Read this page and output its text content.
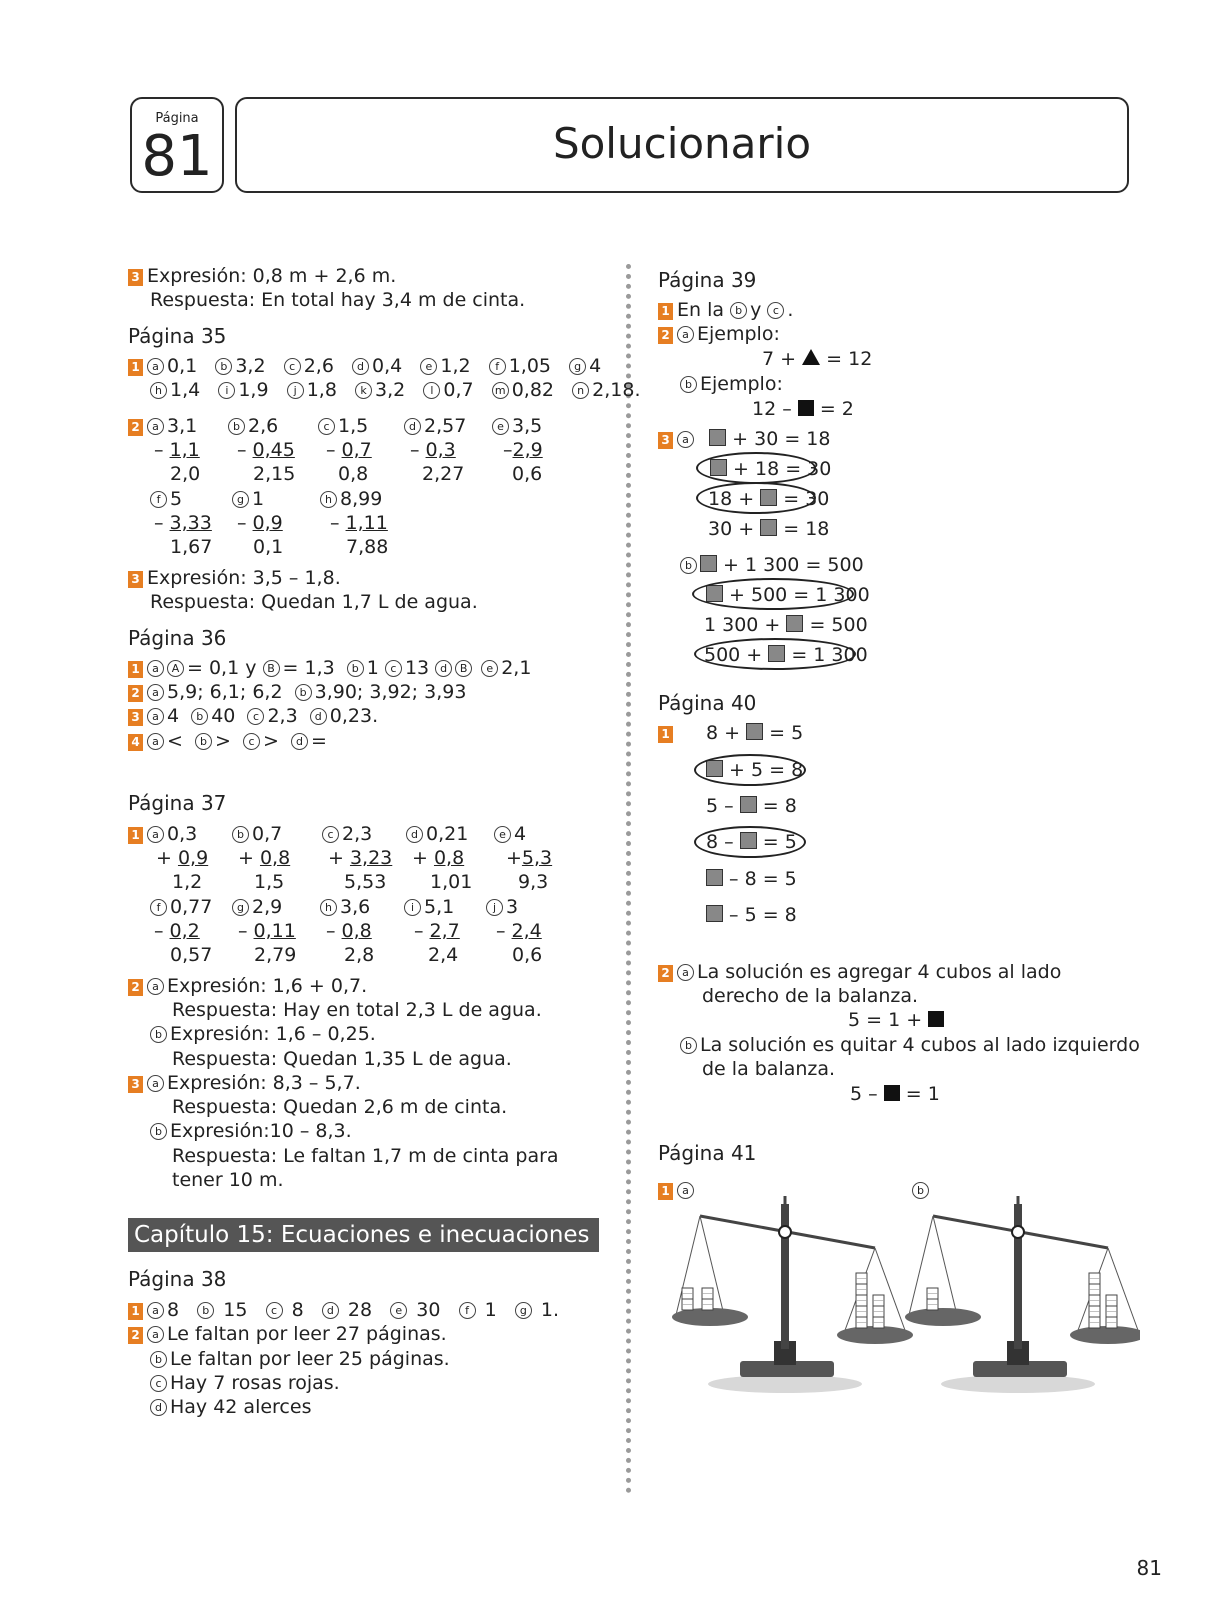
Página
81	Solucionario
3 Expresión: 0,8 m + 2,6 m.
Respuesta: En total hay 3,4 m de cinta.
Página 35
1 a 0,1 b 3,2 c 2,6 d 0,4 e 1,2 f 1,05 g 4
h 1,4 i 1,9 j 1,8 k 3,2 l 0,7 m 0,82 n 2,18.
2 a 3,1
– 1,1
2,0
b 2,6
– 0,45
2,15
c 1,5
– 0,7
0,8
d 2,57
– 0,3
2,27
e 3,5
–2,9
0,6
f 5
– 3,33
1,67
g 1
– 0,9
0,1
h 8,99
– 1,11
7,88
3 Expresión: 3,5 – 1,8.
Respuesta: Quedan 1,7 L de agua.
Página 36
1 a A = 0,1 y B = 1,3 b 1 c 13 d B e 2,1
2 a 5,9; 6,1; 6,2 b 3,90; 3,92; 3,93
3 a 4 b 40 c 2,3 d 0,23.
4 a < b > c > d =
Página 37
1 a 0,3
+ 0,9
1,2
b 0,7
+ 0,8
1,5
c 2,3
+ 3,23
5,53
d 0,21
+ 0,8
1,01
e 4
+5,3
9,3
f 0,77
– 0,2
0,57
g 2,9
– 0,11
2,79
h 3,6
– 0,8
2,8
i 5,1
– 2,7
2,4
j 3
– 2,4
0,6
2 a Expresión: 1,6 + 0,7.
Respuesta: Hay en total 2,3 L de agua.
b Expresión: 1,6 – 0,25.
Respuesta: Quedan 1,35 L de agua.
3 a Expresión: 8,3 – 5,7.
Respuesta: Quedan 2,6 m de cinta.
b Expresión:10 – 8,3.
Respuesta: Le faltan 1,7 m de cinta para
tener 10 m.
Capítulo 15: Ecuaciones e inecuaciones
Página 38
1 a 8 b 15 c 8 d 28 e 30 f 1 g 1.
2 a Le faltan por leer 27 páginas.
b Le faltan por leer 25 páginas.
c Hay 7 rosas rojas.
d Hay 42 alerces
Página 39
1 En la b y c .
2 a Ejemplo:
7 + = 12
b Ejemplo:
12 – = 2
3 a + 30 = 18
+ 18 = 30
18 + = 30
30 + = 18
b + 1 300 = 500
+ 500 = 1 300
1 300 + = 500
500 + = 1 300
Página 40
1	8 + = 5
+ 5 = 8
5 – = 8
8 – = 5
– 8 = 5
– 5 = 8
2 a La solución es agregar 4 cubos al lado
derecho de la balanza.
5 = 1 +
b La solución es quitar 4 cubos al lado izquierdo
de la balanza.
5 – = 1
Página 41
1 a	b
81
